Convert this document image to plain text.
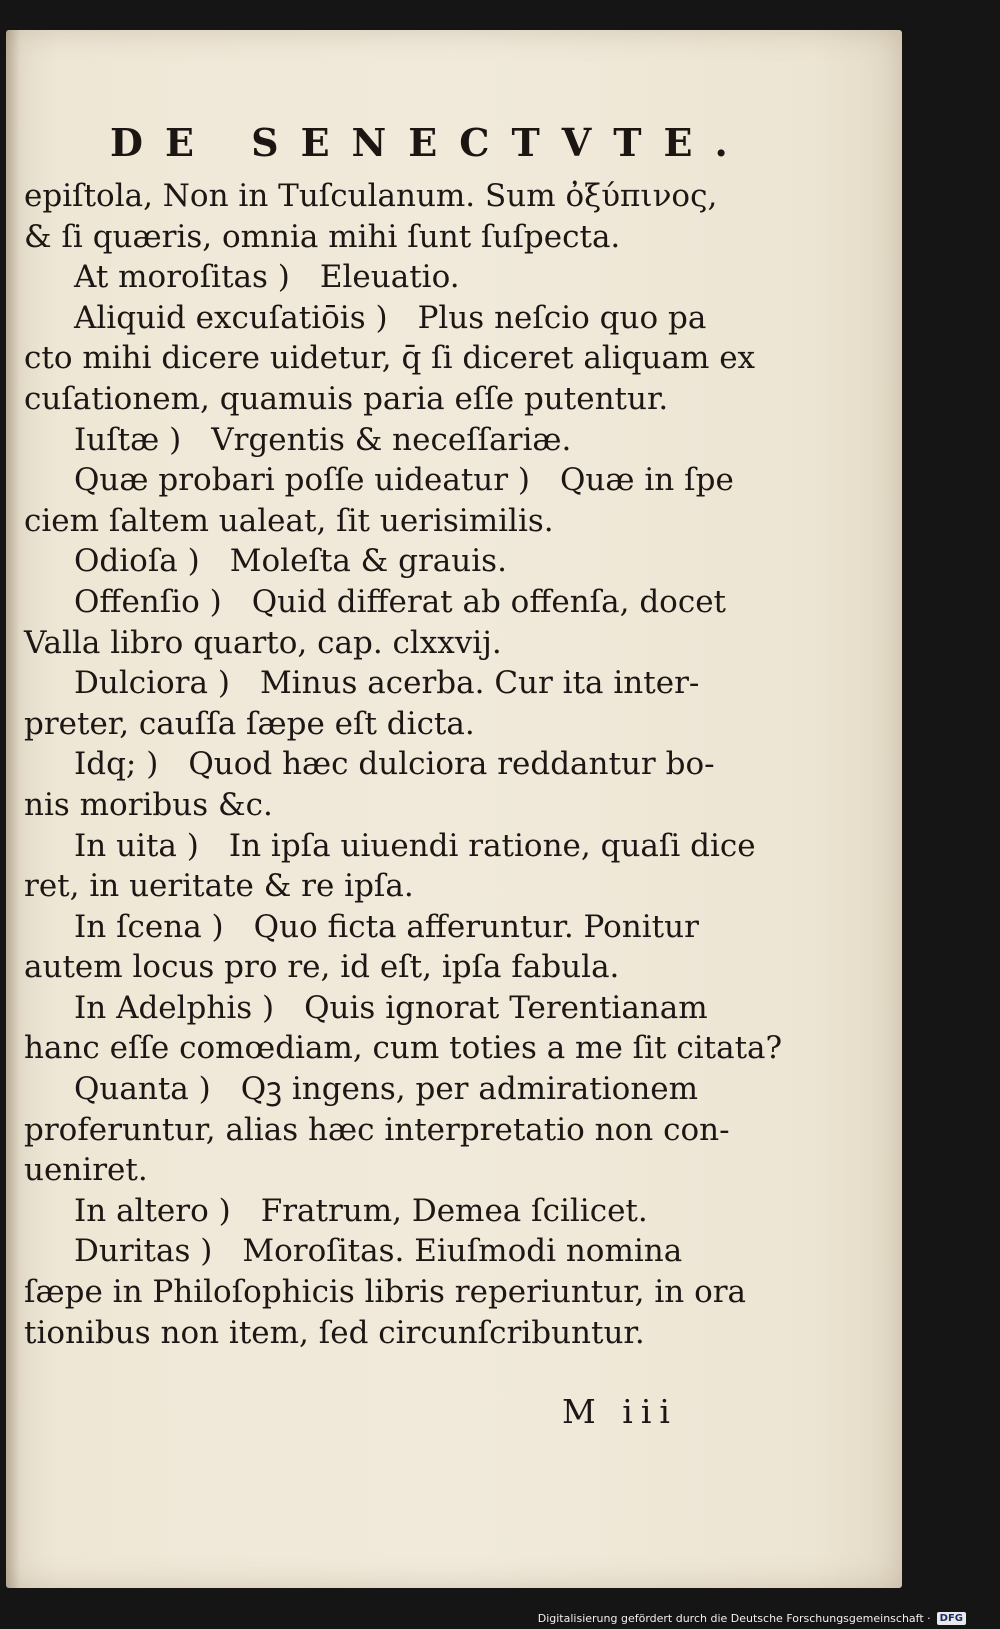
DE SENECTVTE.
epiſtola, Non in Tuſculanum. Sum ὀξύπινος,
& ſi quæris, omnia mihi ſunt ſuſpecta.
At moroſitas ) Eleuatio.
Aliquid excuſatiōis ) Plus neſcio quo pa
cto mihi dicere uidetur, q̄ ſi diceret aliquam ex
cuſationem, quamuis paria eſſe putentur.
Iuſtæ ) Vrgentis & neceſſariæ.
Quæ probari poſſe uideatur ) Quæ in ſpe
ciem ſaltem ualeat, ſit uerisimilis.
Odioſa ) Moleſta & grauis.
Offenſio ) Quid differat ab offenſa, docet
Valla libro quarto, cap. clxxvij.
Dulciora ) Minus acerba. Cur ita inter-
preter, cauſſa ſæpe eſt dicta.
Idq; ) Quod hæc dulciora reddantur bo-
nis moribus &c.
In uita ) In ipſa uiuendi ratione, quaſi dice
ret, in ueritate & re ipſa.
In ſcena ) Quo ficta afferuntur. Ponitur
autem locus pro re, id eſt, ipſa fabula.
In Adelphis ) Quis ignorat Terentianam
hanc eſſe comœdiam, cum toties a me ſit citata?
Quanta ) Qꝫ ingens, per admirationem
proferuntur, alias hæc interpretatio non con-
ueniret.
In altero ) Fratrum, Demea ſcilicet.
Duritas ) Moroſitas. Eiuſmodi nomina
ſæpe in Philoſophicis libris reperiuntur, in ora
tionibus non item, ſed circunſcribuntur.
M iii
Digitalisierung gefördert durch die Deutsche Forschungsgemeinschaft · DFG
